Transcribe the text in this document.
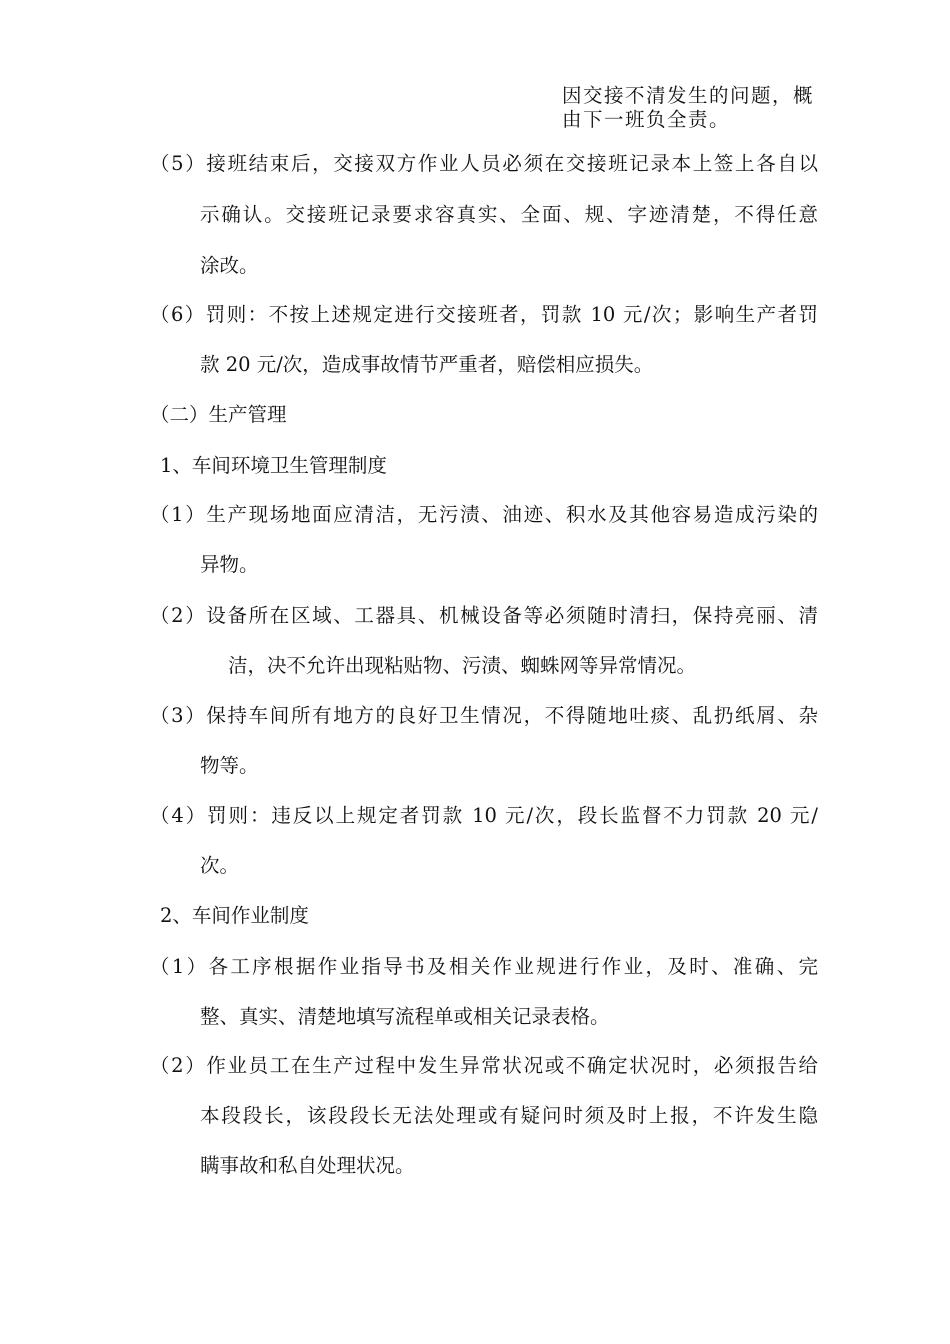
因交接不清发生的问题，概
由下一班负全责。
（5）接班结束后，交接双方作业人员必须在交接班记录本上签上各自以
示确认。交接班记录要求容真实、全面、规、字迹清楚，不得任意
涂改。
（6）罚则：不按上述规定进行交接班者，罚款 10 元/次；影响生产者罚
款 20 元/次，造成事故情节严重者，赔偿相应损失。
（二）生产管理
1、车间环境卫生管理制度
（1）生产现场地面应清洁，无污渍、油迹、积水及其他容易造成污染的
异物。
（2）设备所在区域、工器具、机械设备等必须随时清扫，保持亮丽、清
洁，决不允许出现粘贴物、污渍、蜘蛛网等异常情况。
（3）保持车间所有地方的良好卫生情况，不得随地吐痰、乱扔纸屑、杂
物等。
（4）罚则：违反以上规定者罚款 10 元/次，段长监督不力罚款 20 元/
次。
2、车间作业制度
（1）各工序根据作业指导书及相关作业规进行作业，及时、准确、完
整、真实、清楚地填写流程单或相关记录表格。
（2）作业员工在生产过程中发生异常状况或不确定状况时，必须报告给
本段段长，该段段长无法处理或有疑问时须及时上报，不许发生隐
瞒事故和私自处理状况。
